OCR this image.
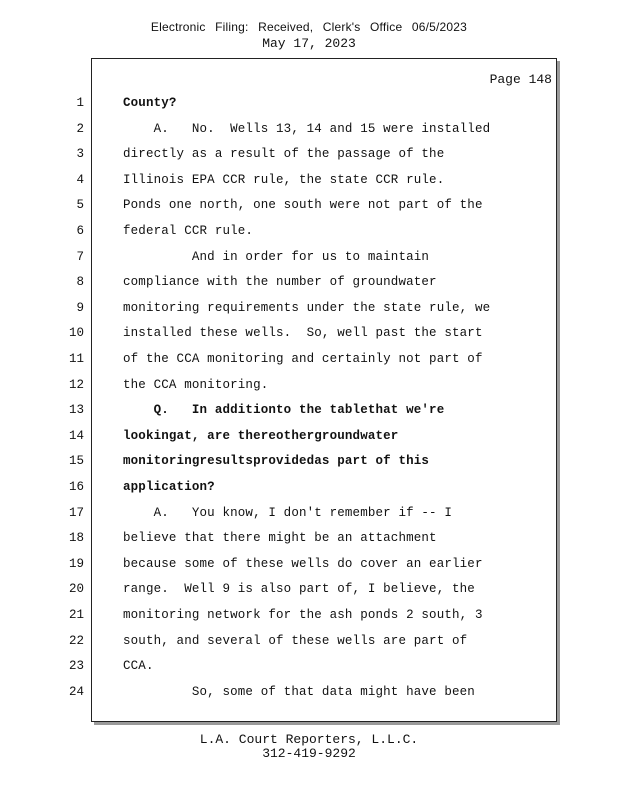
Electronic Filing: Received, Clerk's Office 06/5/2023
May 17, 2023
Page 148
1	County?
2	A.   No.  Wells 13, 14 and 15 were installed
3	directly as a result of the passage of the
4	Illinois EPA CCR rule, the state CCR rule.
5	Ponds one north, one south were not part of the
6	federal CCR rule.
7	And in order for us to maintain
8	compliance with the number of groundwater
9	monitoring requirements under the state rule, we
10	installed these wells.  So, well past the start
11	of the CCA monitoring and certainly not part of
12	the CCA monitoring.
13	Q.   In additionto the tablethat we're
14	lookingat, are thereothergroundwater
15	monitoringresultsprovidedas part of this
16	application?
17	A.   You know, I don't remember if -- I
18	believe that there might be an attachment
19	because some of these wells do cover an earlier
20	range.  Well 9 is also part of, I believe, the
21	monitoring network for the ash ponds 2 south, 3
22	south, and several of these wells are part of
23	CCA.
24	So, some of that data might have been
L.A. Court Reporters, L.L.C.
312-419-9292
